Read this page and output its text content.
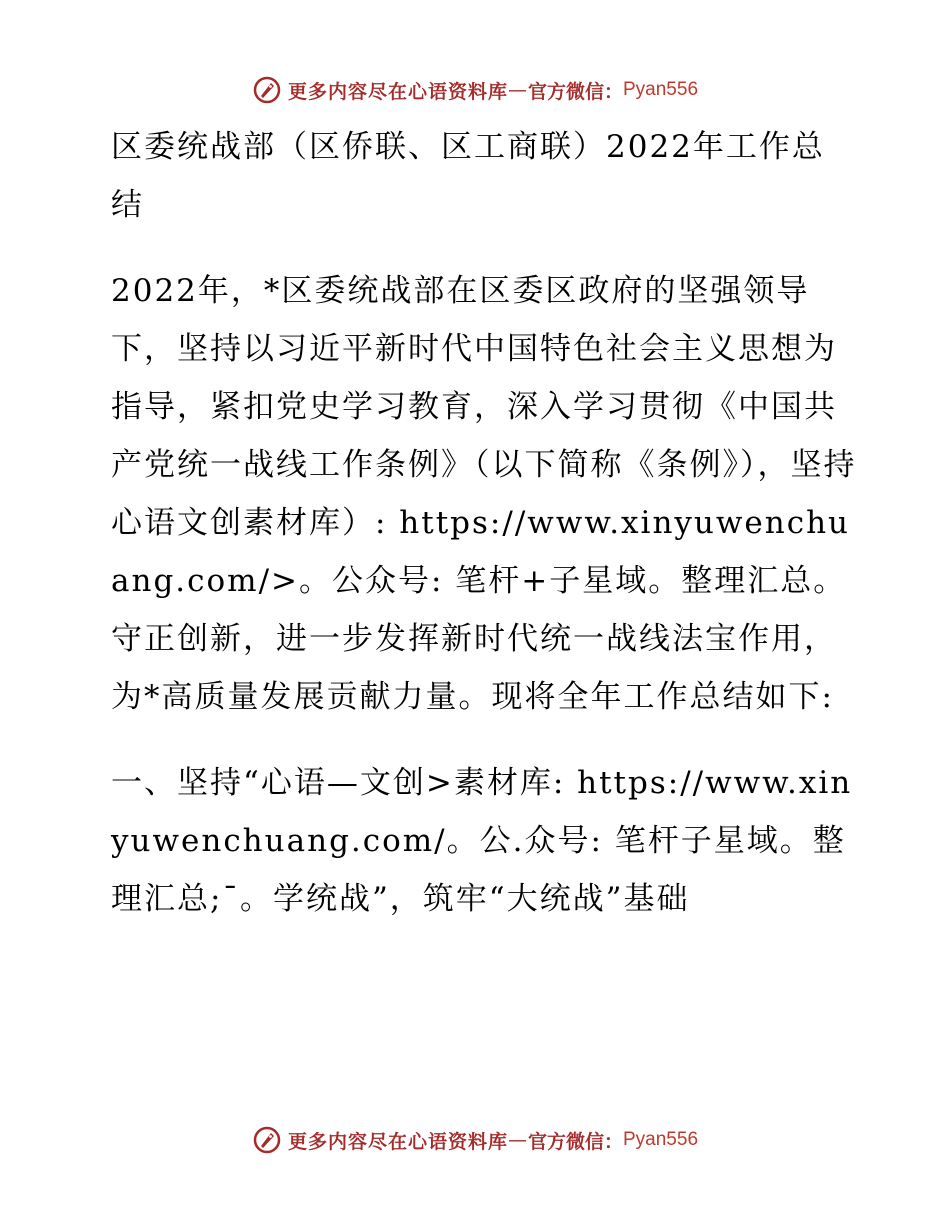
更多内容尽在心语资料库 — 官方微信： Pyan556

区委统战部（区侨联、区工商联）2022年工作总结

2022年，*区委统战部在区委区政府的坚强领导下，坚持以习近平新时代中国特色社会主义思想为指导，紧扣党史学习教育，深入学习贯彻《中国共产党统一战线工作条例》（以下简称《条例》），坚持心语文创素材库）: https://www.xinyuwenchuang.com/>。公众号: 笔杆+子星域。整理汇总。守正创新，进一步发挥新时代统一战线法宝作用，为*高质量发展贡献力量。现将全年工作总结如下:

一、坚持“心语—文创>素材库: https://www.xinyuwenchuang.com/。公.众号: 笔杆子星域。整理汇总;¯。学统战”，筑牢“大统战”基础

更多内容尽在心语资料库 — 官方微信： Pyan556
